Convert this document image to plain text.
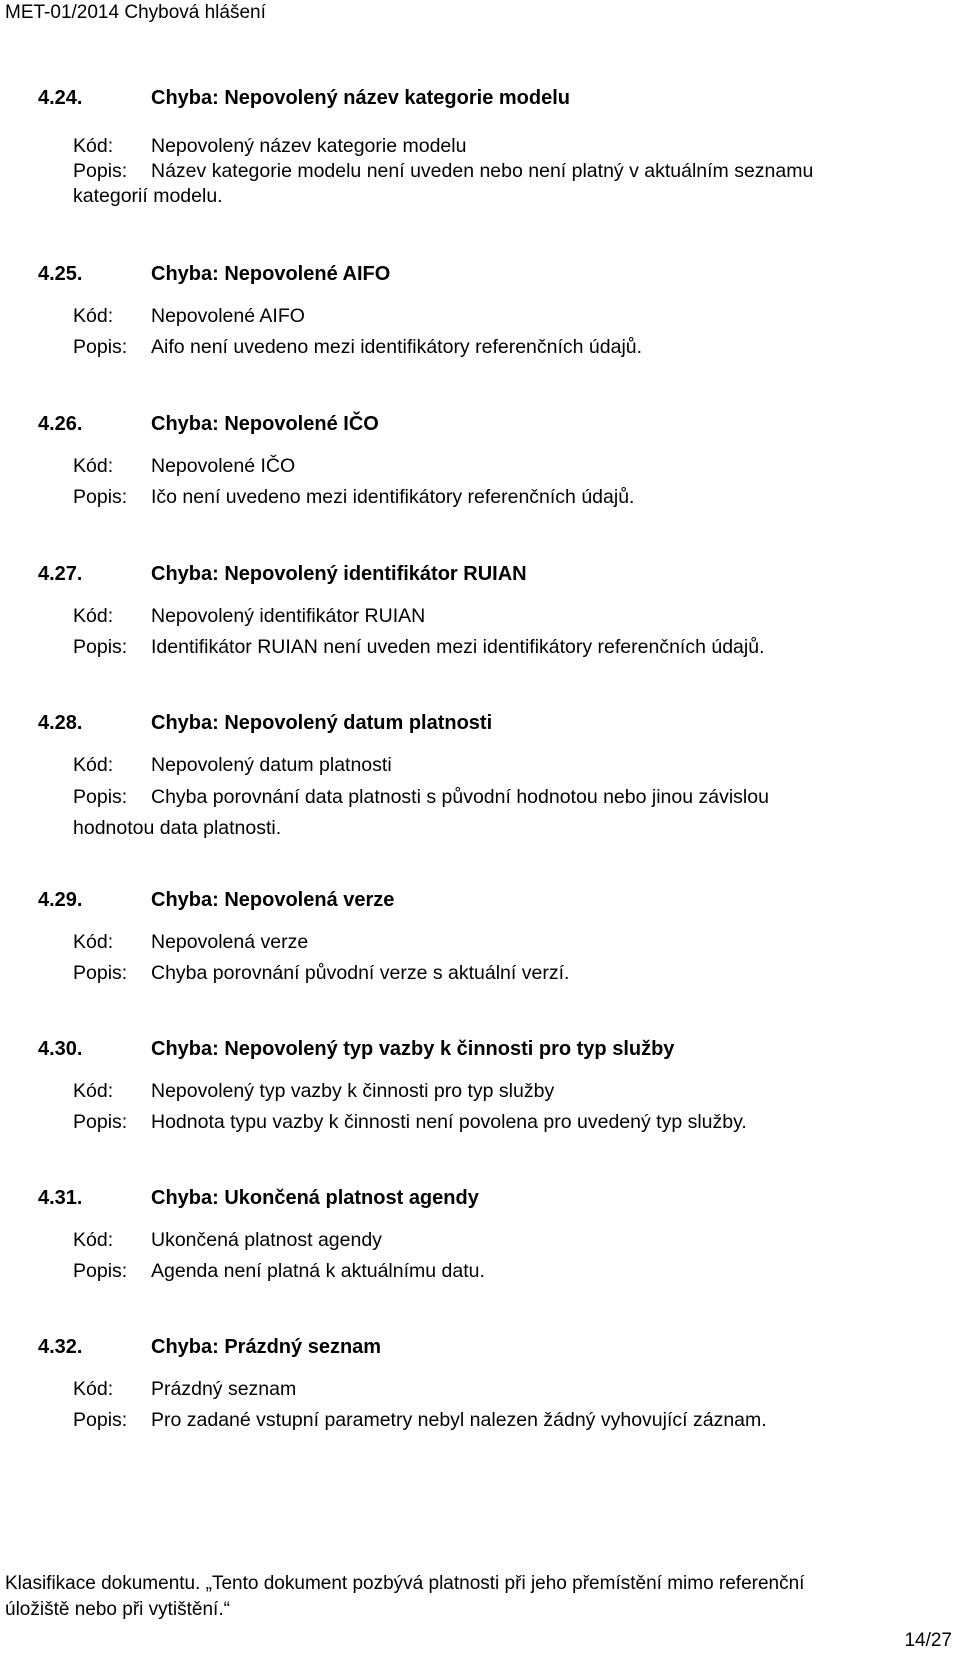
MET-01/2014 Chybová hlášení
4.24.	Chyba: Nepovolený název kategorie modelu
Kód: Nepovolený název kategorie modelu
Popis: Název kategorie modelu není uveden nebo není platný v aktuálním seznamu
kategorií modelu.
4.25.	Chyba: Nepovolené AIFO
Kód: Nepovolené AIFO
Popis: Aifo není uvedeno mezi identifikátory referenčních údajů.
4.26.	Chyba: Nepovolené IČO
Kód: Nepovolené IČO
Popis: Ičo není uvedeno mezi identifikátory referenčních údajů.
4.27.	Chyba: Nepovolený identifikátor RUIAN
Kód: Nepovolený identifikátor RUIAN
Popis: Identifikátor RUIAN není uveden mezi identifikátory referenčních údajů.
4.28.	Chyba: Nepovolený datum platnosti
Kód: Nepovolený datum platnosti
Popis: Chyba porovnání data platnosti s původní hodnotou nebo jinou závislou
hodnotou data platnosti.
4.29.	Chyba: Nepovolená verze
Kód: Nepovolená verze
Popis: Chyba porovnání původní verze s aktuální verzí.
4.30.	Chyba: Nepovolený typ vazby k činnosti pro typ služby
Kód: Nepovolený typ vazby k činnosti pro typ služby
Popis: Hodnota typu vazby k činnosti není povolena pro uvedený typ služby.
4.31.	Chyba: Ukončená platnost agendy
Kód: Ukončená platnost agendy
Popis: Agenda není platná k aktuálnímu datu.
4.32.	Chyba: Prázdný seznam
Kód: Prázdný seznam
Popis: Pro zadané vstupní parametry nebyl nalezen žádný vyhovující záznam.
Klasifikace dokumentu. „Tento dokument pozbývá platnosti při jeho přemístění mimo referenční
úložiště nebo při vytištění.“
14/27
